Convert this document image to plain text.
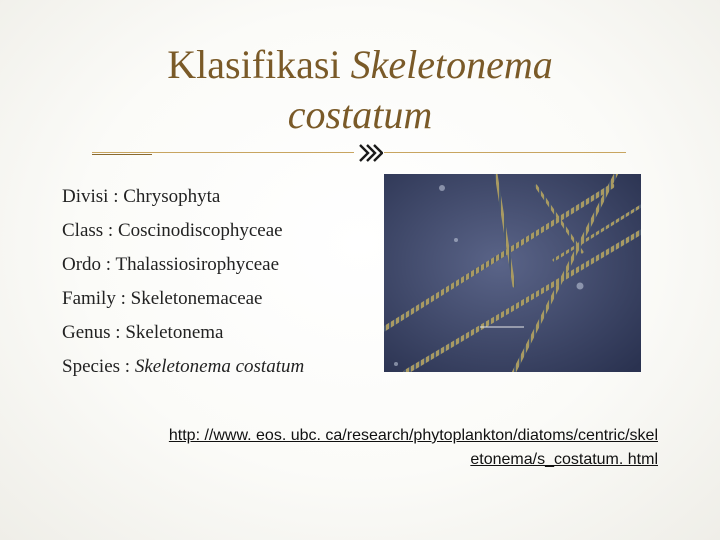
Klasifikasi Skeletonema
costatum
Divisi : Chrysophyta
Class : Coscinodiscophyceae
Ordo : Thalassiosirophyceae
Family : Skeletonemaceae
Genus : Skeletonema
Species : Skeletonema costatum
http: //www. eos. ubc. ca/research/phytoplankton/diatoms/centric/skel
etonema/s_costatum. html
